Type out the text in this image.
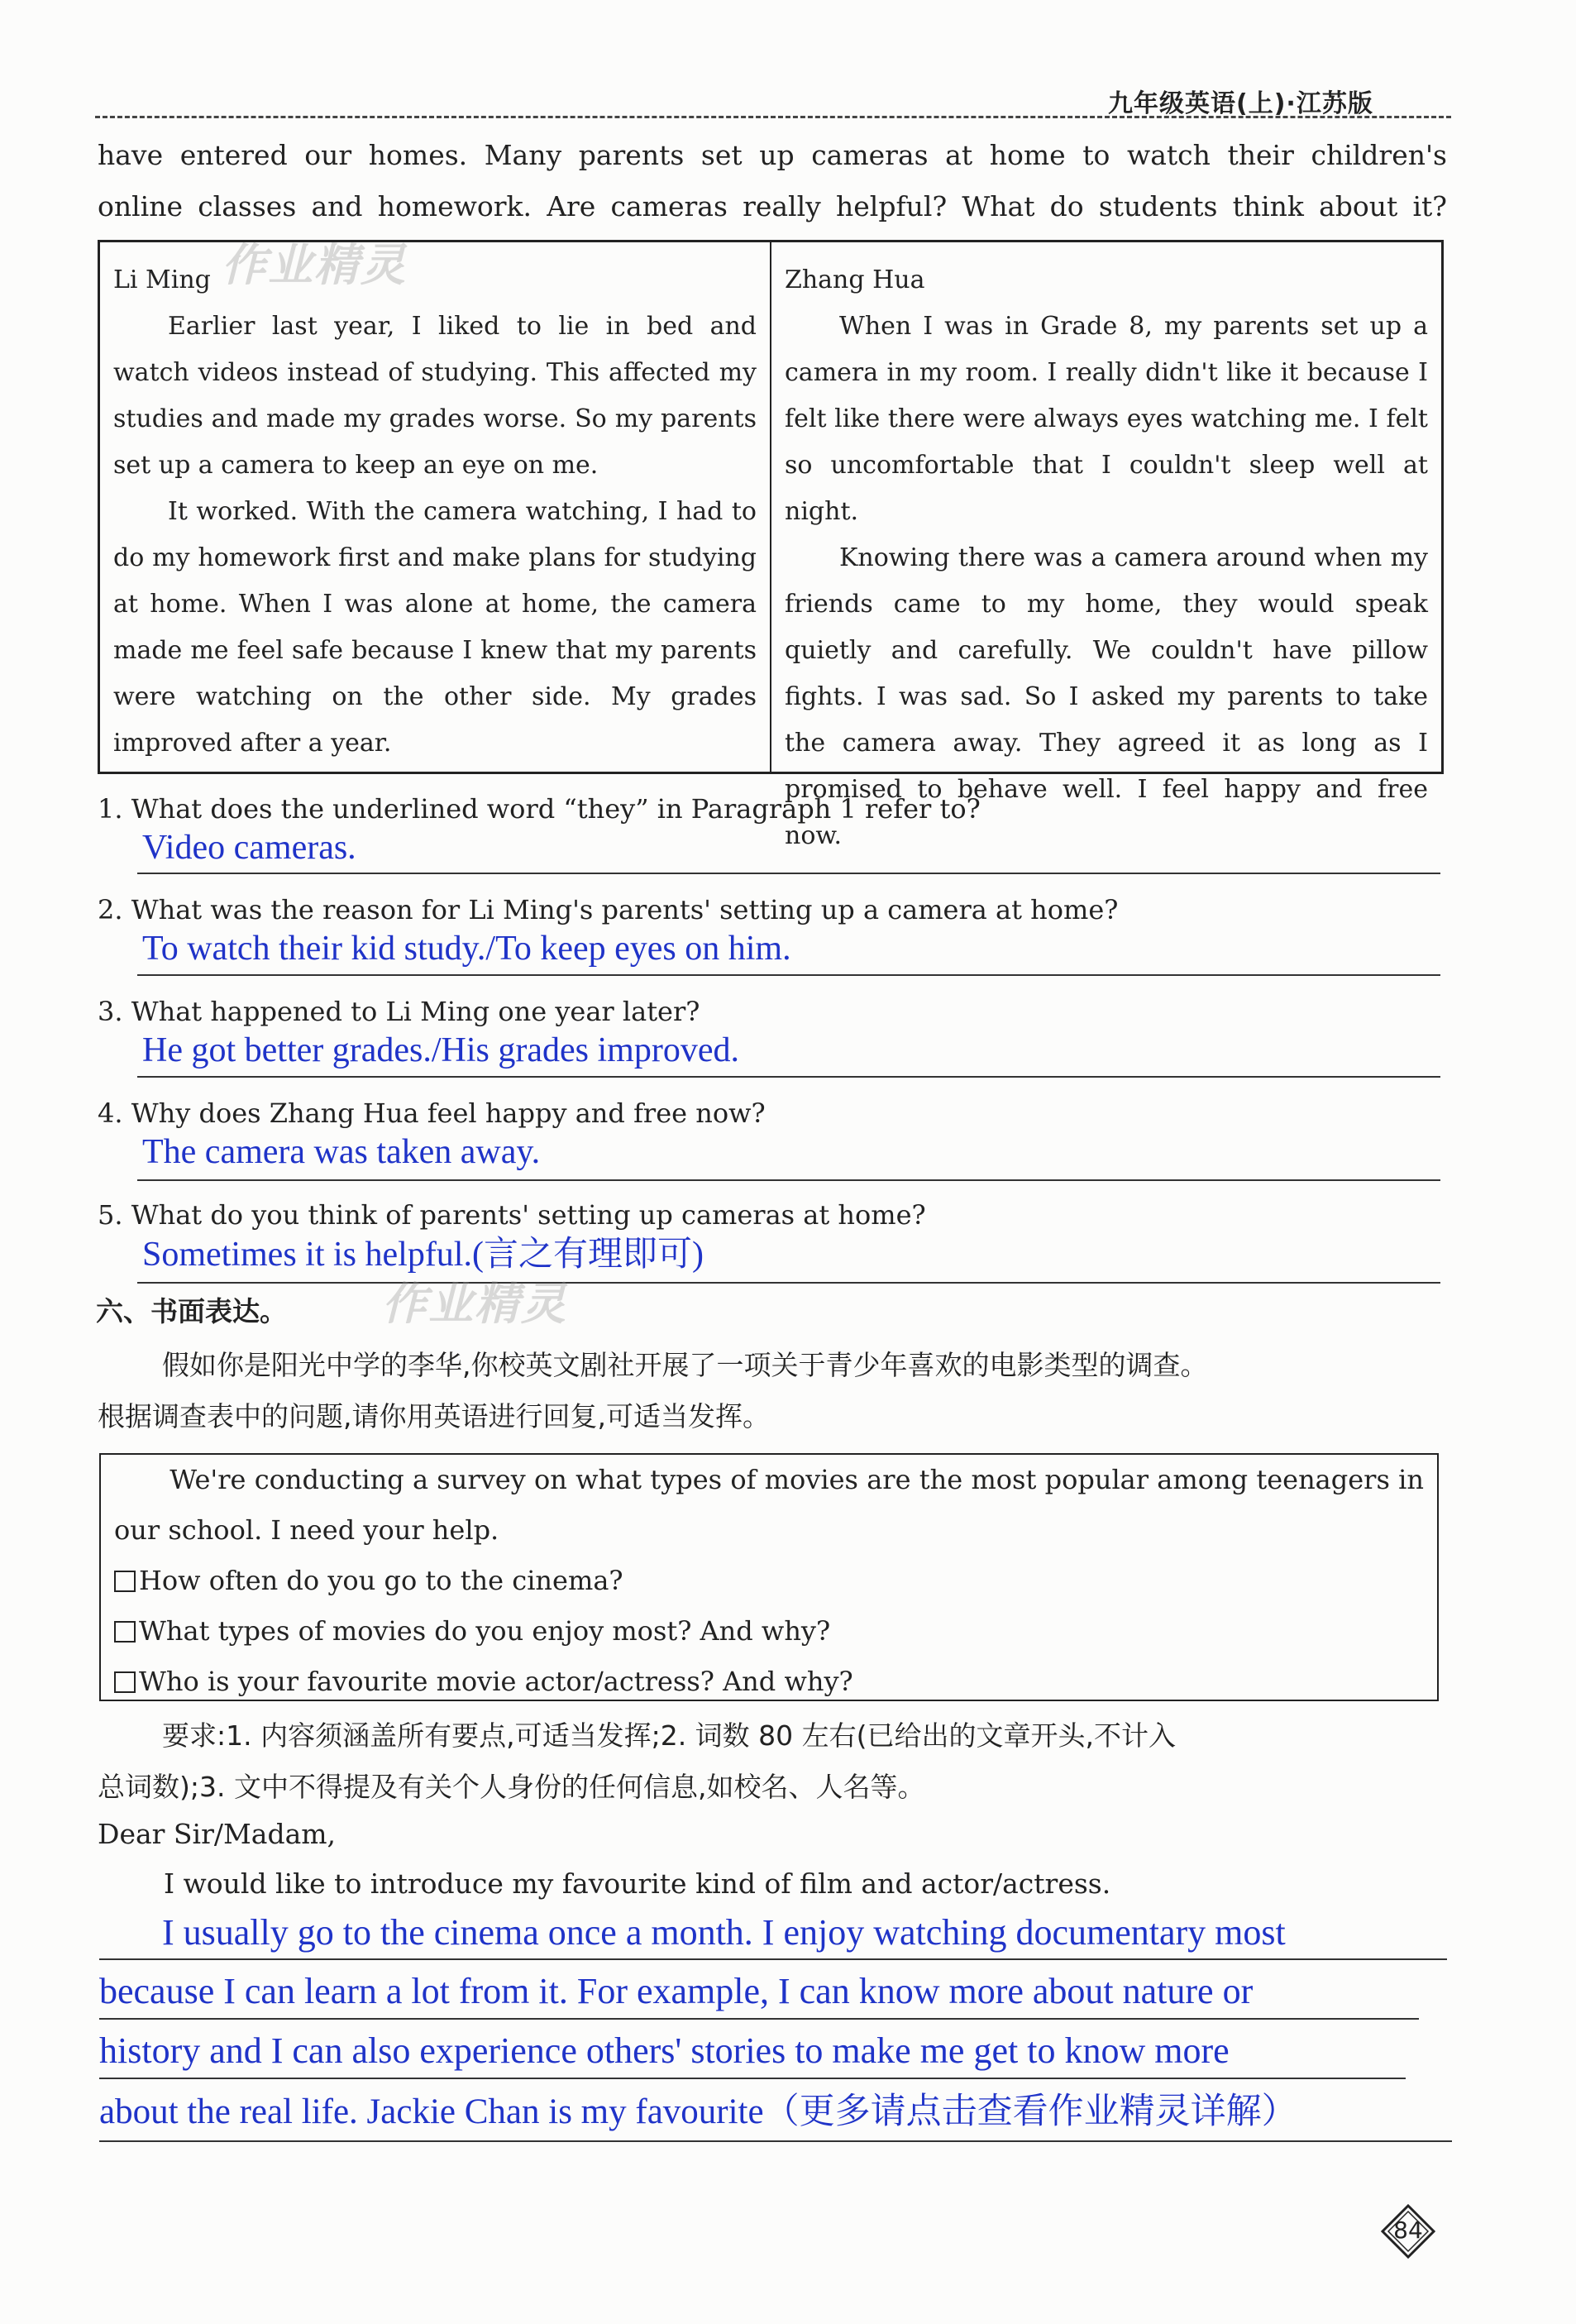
九年级英语(上)·江苏版
have entered our homes. Many parents set up cameras at home to watch their children's
online classes and homework. Are cameras really helpful? What do students think about it?
作业精灵

Li Ming

Earlier last year, I liked to lie in bed and watch videos instead of studying. This affected my studies and made my grades worse. So my parents set up a camera to keep an eye on me.

It worked. With the camera watching, I had to do my homework first and make plans for studying at home. When I was alone at home, the camera made me feel safe because I knew that my parents were watching on the other side. My grades improved after a year.

Zhang Hua

When I was in Grade 8, my parents set up a camera in my room. I really didn't like it because I felt like there were always eyes watching me. I felt so uncomfortable that I couldn't sleep well at night.

Knowing there was a camera around when my friends came to my home, they would speak quietly and carefully. We couldn't have pillow fights. I was sad. So I asked my parents to take the camera away. They agreed it as long as I promised to behave well. I feel happy and free now.

1. What does the underlined word “they” in Paragraph 1 refer to?
Video cameras.
2. What was the reason for Li Ming's parents' setting up a camera at home?
To watch their kid study./To keep eyes on him.
3. What happened to Li Ming one year later?
He got better grades./His grades improved.
4. Why does Zhang Hua feel happy and free now?
The camera was taken away.
5. What do you think of parents' setting up cameras at home?
Sometimes it is helpful.(言之有理即可)
作业精灵
六、书面表达。
假如你是阳光中学的李华,你校英文剧社开展了一项关于青少年喜欢的电影类型的调查。
根据调查表中的问题,请你用英语进行回复,可适当发挥。

We're conducting a survey on what types of movies are the most popular among teenagers in our school. I need your help.

How often do you go to the cinema?

What types of movies do you enjoy most? And why?

Who is your favourite movie actor/actress? And why?

要求:1. 内容须涵盖所有要点,可适当发挥;2. 词数 80 左右(已给出的文章开头,不计入
总词数);3. 文中不得提及有关个人身份的任何信息,如校名、人名等。
Dear Sir/Madam,
I would like to introduce my favourite kind of film and actor/actress.
I usually go to the cinema once a month. I enjoy watching documentary most
because I can learn a lot from it. For example, I can know more about nature or
history and I can also experience others' stories to make me get to know more
about the real life. Jackie Chan is my favourite（更多请点击查看作业精灵详解）
84
